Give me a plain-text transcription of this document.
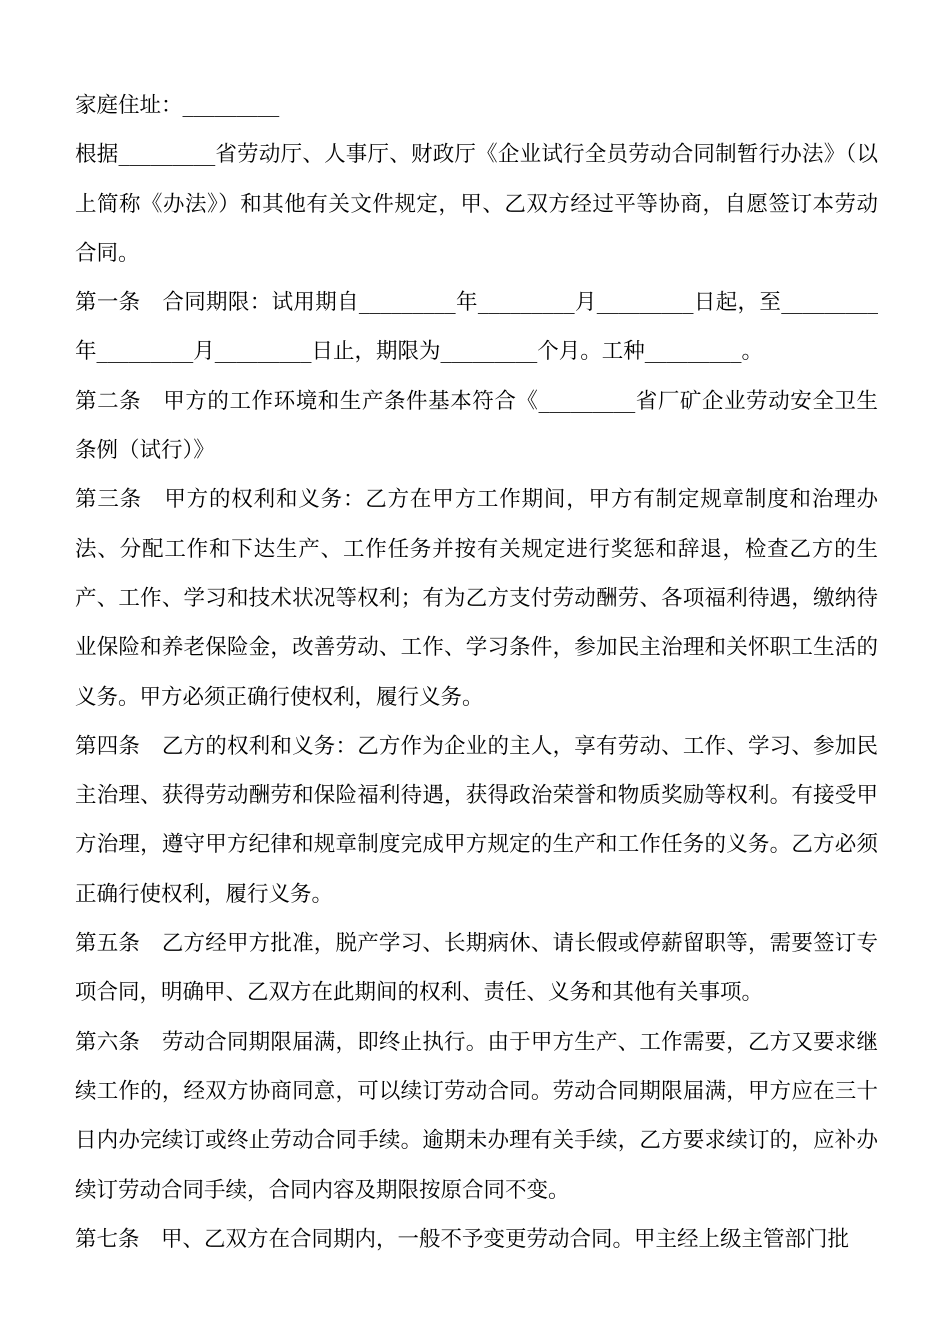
家庭住址：_________

根据_________省劳动厅、人事厅、财政厅《企业试行全员劳动合同制暂行办法》（以上简称《办法》）和其他有关文件规定，甲、乙双方经过平等协商，自愿签订本劳动合同。

第一条　合同期限：试用期自_________年_________月_________日起，至_________年_________月_________日止，期限为_________个月。工种_________。

第二条　甲方的工作环境和生产条件基本符合《_________省厂矿企业劳动安全卫生条例（试行）》

第三条　甲方的权利和义务：乙方在甲方工作期间，甲方有制定规章制度和治理办法、分配工作和下达生产、工作任务并按有关规定进行奖惩和辞退，检查乙方的生产、工作、学习和技术状况等权利；有为乙方支付劳动酬劳、各项福利待遇，缴纳待业保险和养老保险金，改善劳动、工作、学习条件，参加民主治理和关怀职工生活的义务。甲方必须正确行使权利，履行义务。

第四条　乙方的权利和义务：乙方作为企业的主人，享有劳动、工作、学习、参加民主治理、获得劳动酬劳和保险福利待遇，获得政治荣誉和物质奖励等权利。有接受甲方治理，遵守甲方纪律和规章制度完成甲方规定的生产和工作任务的义务。乙方必须正确行使权利，履行义务。

第五条　乙方经甲方批准，脱产学习、长期病休、请长假或停薪留职等，需要签订专项合同，明确甲、乙双方在此期间的权利、责任、义务和其他有关事项。

第六条　劳动合同期限届满，即终止执行。由于甲方生产、工作需要，乙方又要求继续工作的，经双方协商同意，可以续订劳动合同。劳动合同期限届满，甲方应在三十日内办完续订或终止劳动合同手续。逾期未办理有关手续，乙方要求续订的，应补办续订劳动合同手续，合同内容及期限按原合同不变。

第七条　甲、乙双方在合同期内，一般不予变更劳动合同。甲主经上级主管部门批
